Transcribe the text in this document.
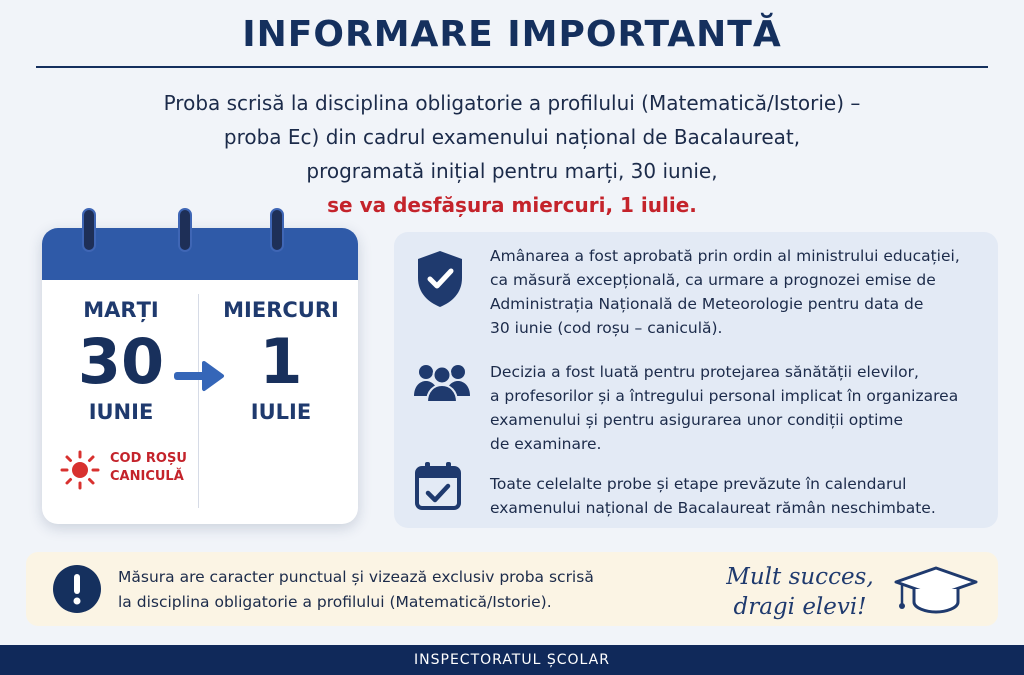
INFORMARE IMPORTANTĂ
Proba scrisă la disciplina obligatorie a profilului (Matematică/Istorie) –
proba Ec) din cadrul examenului național de Bacalaureat,
programată inițial pentru marți, 30 iunie,
se va desfășura miercuri, 1 iulie.
MARȚI
30
IUNIE
MIERCURI
1
IULIE
COD ROȘU
CANICULĂ
Amânarea a fost aprobată prin ordin al ministrului educației,
ca măsură excepțională, ca urmare a prognozei emise de
Administrația Națională de Meteorologie pentru data de
30 iunie (cod roșu – caniculă).
Decizia a fost luată pentru protejarea sănătății elevilor,
a profesorilor și a întregului personal implicat în organizarea
examenului și pentru asigurarea unor condiții optime
de examinare.
Toate celelalte probe și etape prevăzute în calendarul
examenului național de Bacalaureat rămân neschimbate.
Măsura are caracter punctual și vizează exclusiv proba scrisă
la disciplina obligatorie a profilului (Matematică/Istorie).
Mult succes,
dragi elevi!
INSPECTORATUL ȘCOLAR
